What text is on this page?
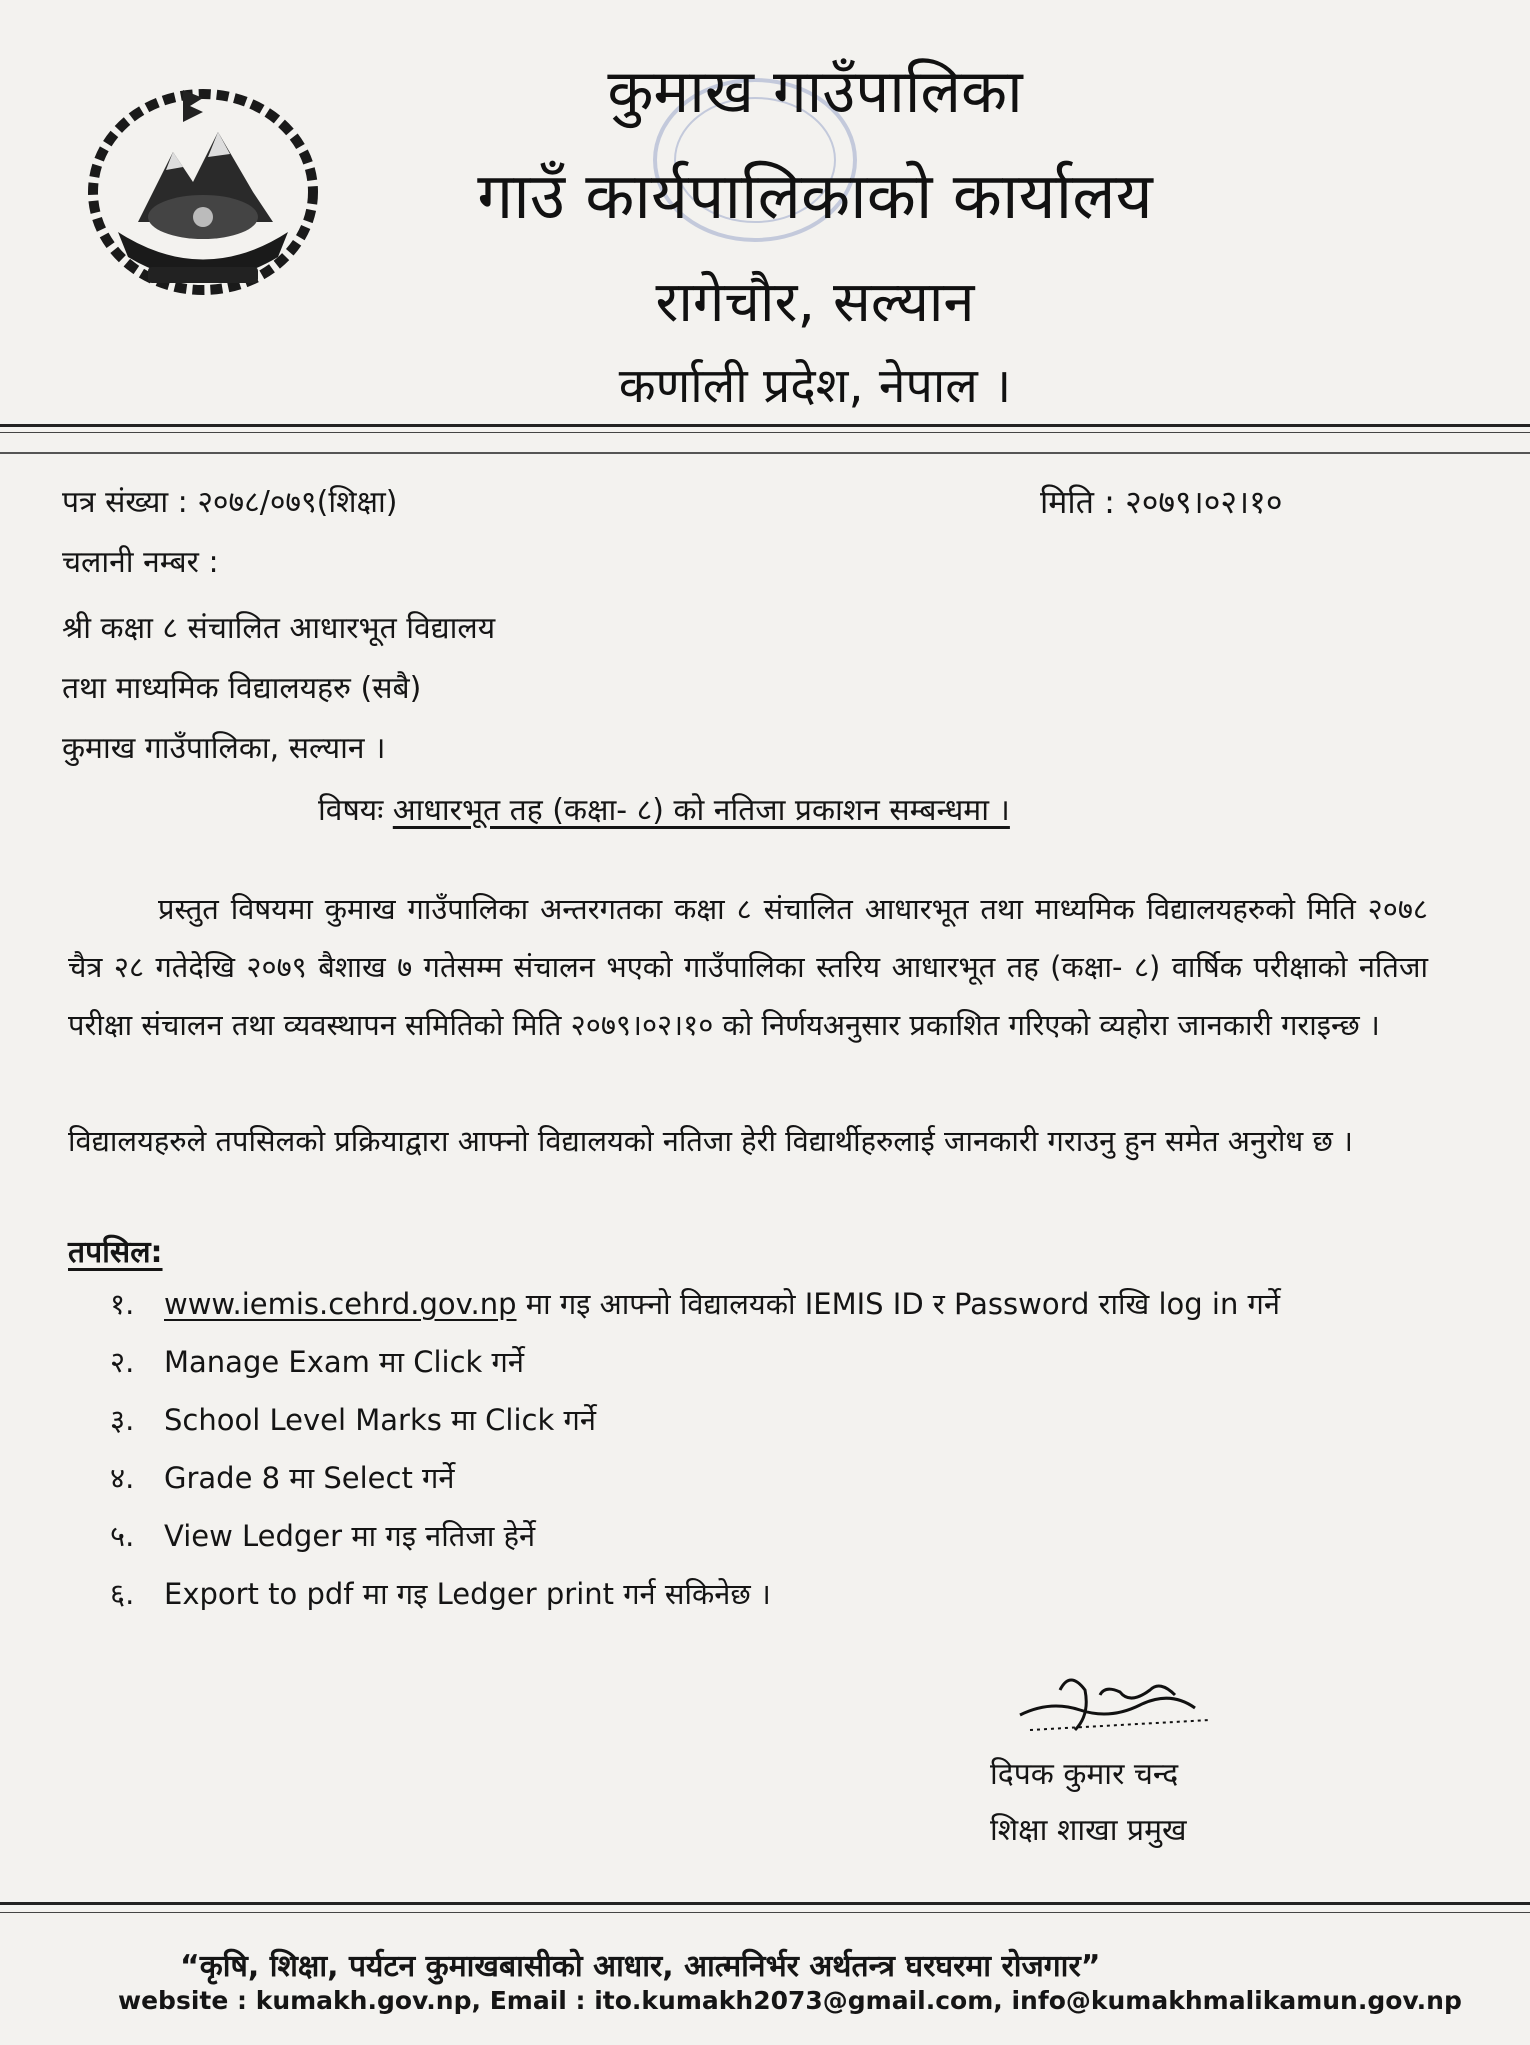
कुमाख गाउँपालिका
गाउँ कार्यपालिकाको कार्यालय
रागेचौर, सल्यान
कर्णाली प्रदेश, नेपाल ।
पत्र संख्या : २०७८/०७९(शिक्षा)	मिति : २०७९।०२।१०
चलानी नम्बर :
श्री कक्षा ८ संचालित आधारभूत विद्यालय
तथा माध्यमिक विद्यालयहरु (सबै)
कुमाख गाउँपालिका, सल्यान ।
विषयः आधारभूत तह (कक्षा- ८) को नतिजा प्रकाशन सम्बन्धमा ।
प्रस्तुत विषयमा कुमाख गाउँपालिका अन्तरगतका कक्षा ८ संचालित आधारभूत तथा माध्यमिक विद्यालयहरुको मिति २०७८ चैत्र २८ गतेदेखि २०७९ बैशाख ७ गतेसम्म संचालन भएको गाउँपालिका स्तरिय आधारभूत तह (कक्षा- ८) वार्षिक परीक्षाको नतिजा परीक्षा संचालन तथा व्यवस्थापन समितिको मिति २०७९।०२।१० को निर्णयअनुसार प्रकाशित गरिएको व्यहोरा जानकारी गराइन्छ ।
विद्यालयहरुले तपसिलको प्रक्रियाद्वारा आफ्नो विद्यालयको नतिजा हेरी विद्यार्थीहरुलाई जानकारी गराउनु हुन समेत अनुरोध छ ।
तपसिल:
१.	www.iemis.cehrd.gov.np मा गइ आफ्नो विद्यालयको IEMIS ID र Password राखि log in गर्ने
२.	Manage Exam मा Click गर्ने
३.	School Level Marks मा Click गर्ने
४.	Grade 8 मा Select गर्ने
५.	View Ledger मा गइ नतिजा हेर्ने
६.	Export to pdf मा गइ Ledger print गर्न सकिनेछ ।
दिपक कुमार चन्द
शिक्षा शाखा प्रमुख
“कृषि, शिक्षा, पर्यटन कुमाखबासीको आधार, आत्मनिर्भर अर्थतन्त्र घरघरमा रोजगार”
website : kumakh.gov.np, Email : ito.kumakh2073@gmail.com, info@kumakhmalikamun.gov.np
